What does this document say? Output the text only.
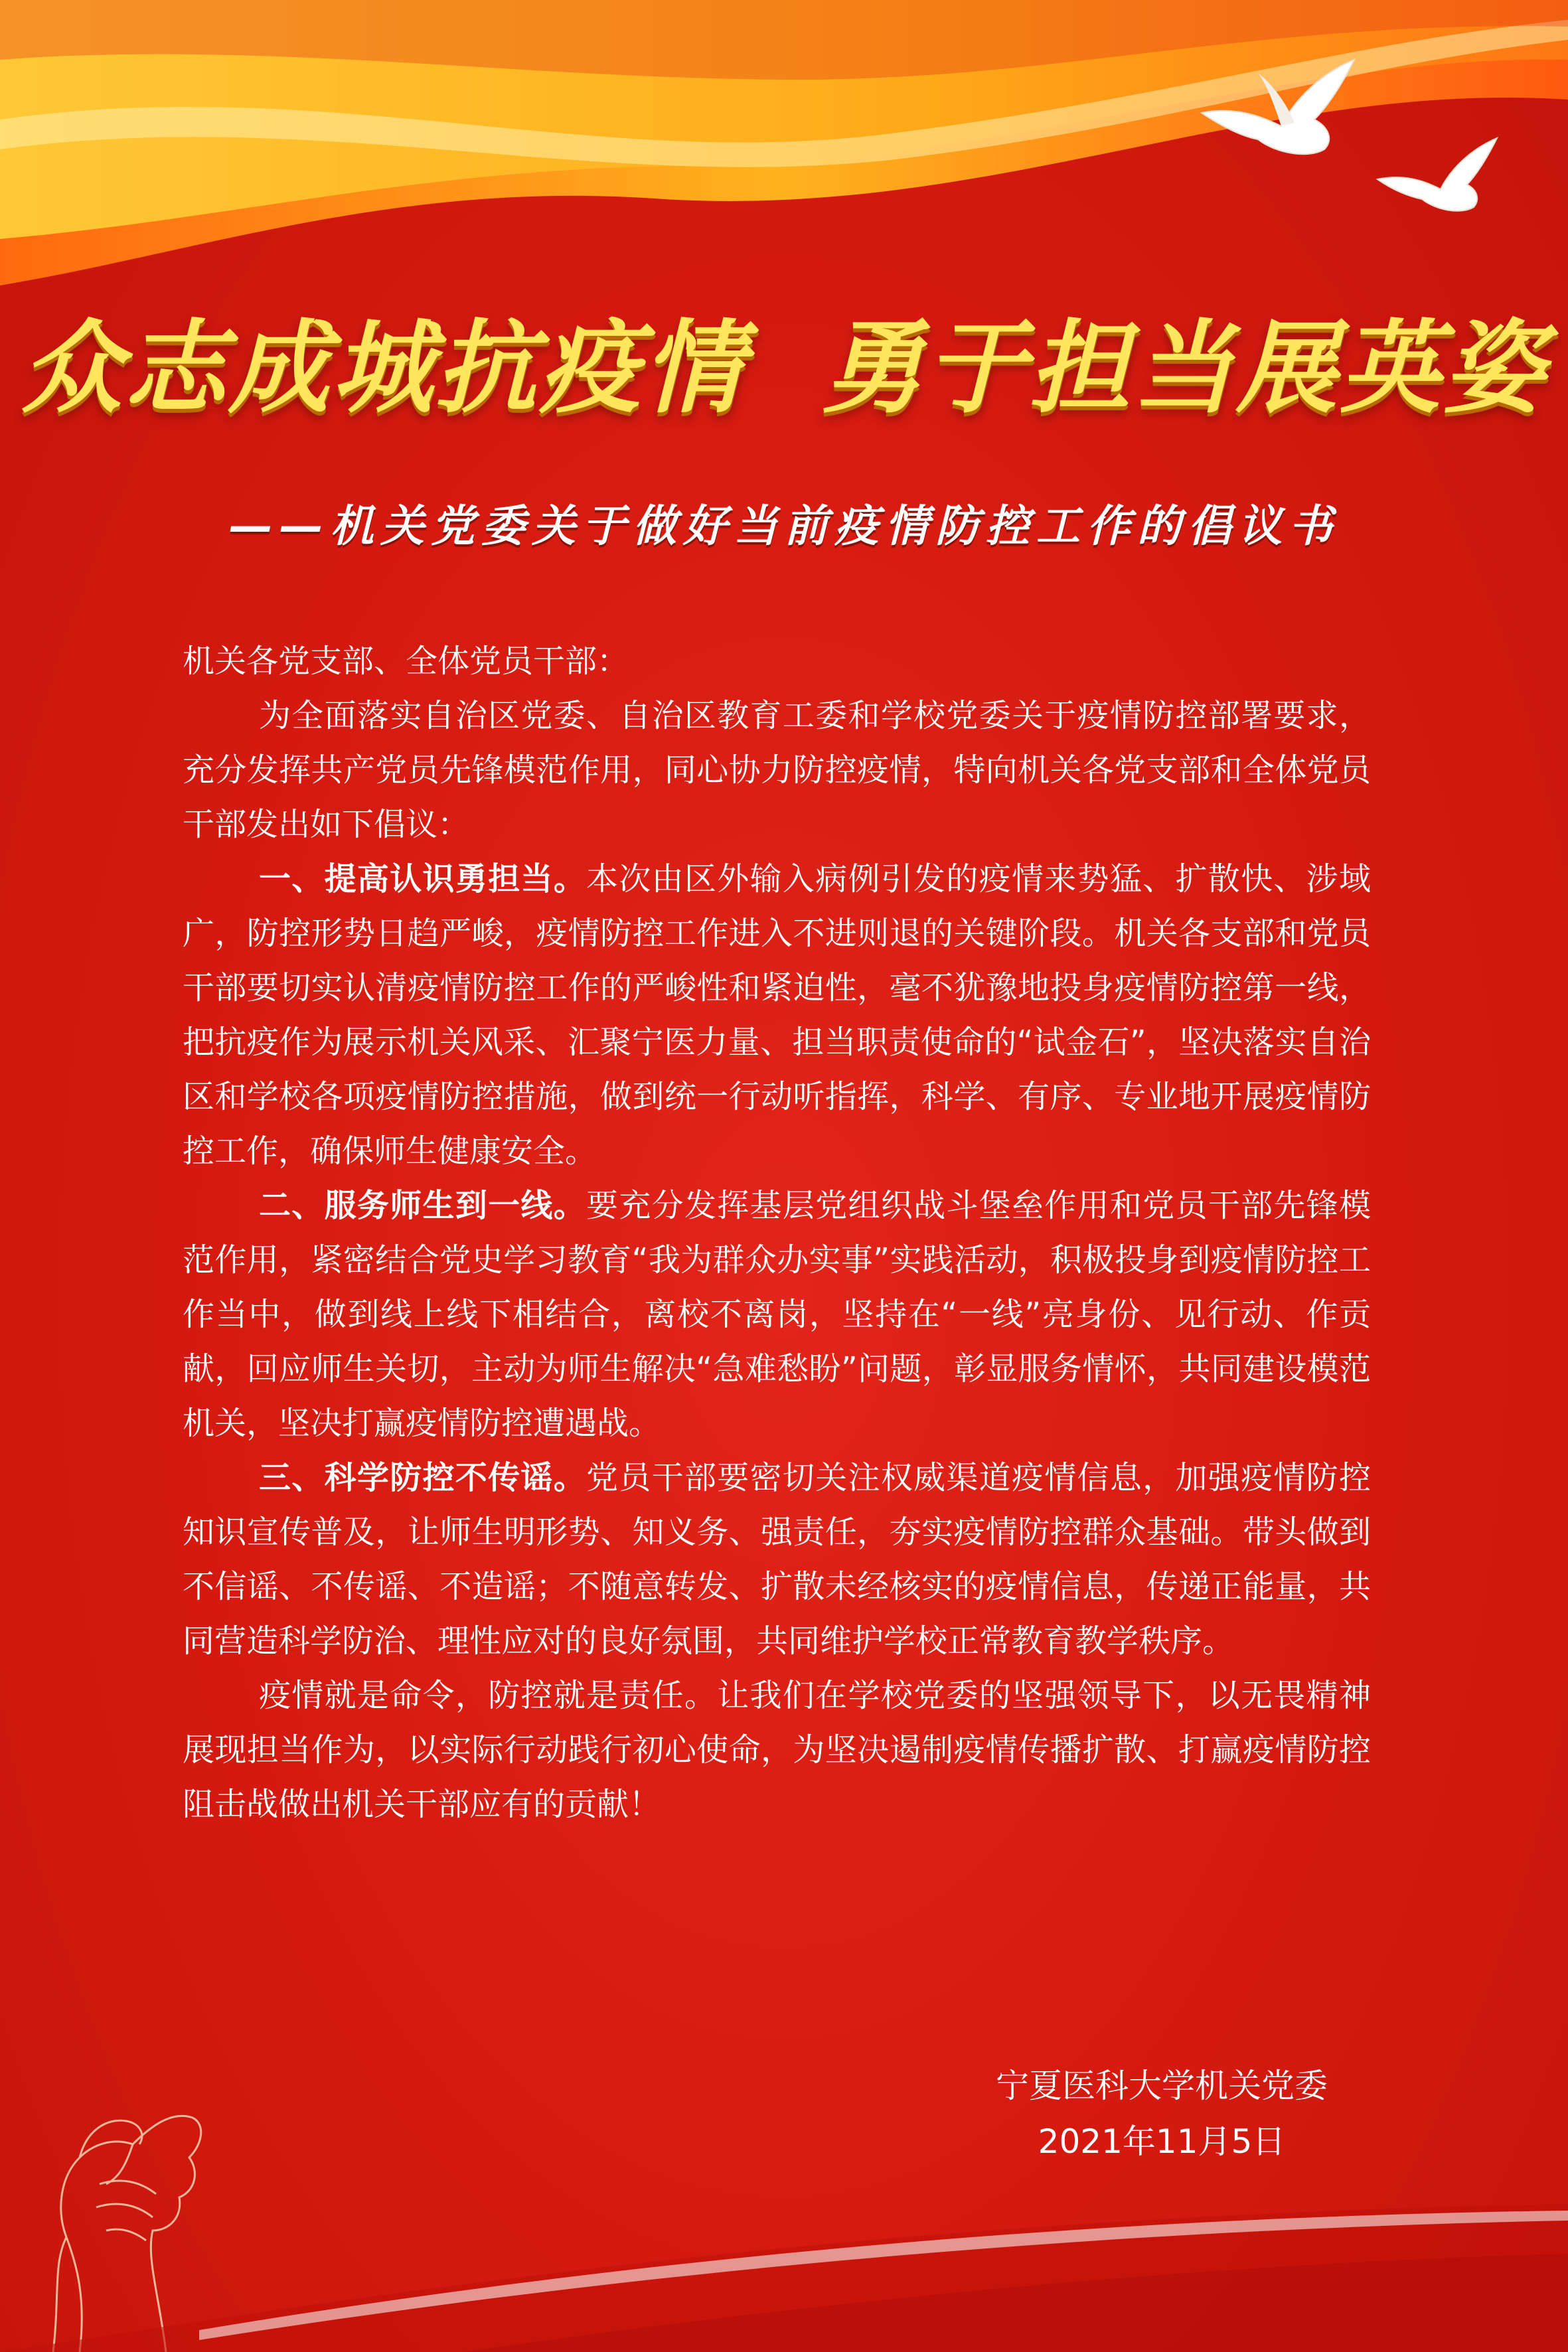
众志成城抗疫情  勇于担当展英姿
——机关党委关于做好当前疫情防控工作的倡议书

机关各党支部、全体党员干部：

为全面落实自治区党委、自治区教育工委和学校党委关于疫情防控部署要求，充分发挥共产党员先锋模范作用，同心协力防控疫情，特向机关各党支部和全体党员干部发出如下倡议：

一、提高认识勇担当。本次由区外输入病例引发的疫情来势猛、扩散快、涉域广，防控形势日趋严峻，疫情防控工作进入不进则退的关键阶段。机关各支部和党员干部要切实认清疫情防控工作的严峻性和紧迫性，毫不犹豫地投身疫情防控第一线，把抗疫作为展示机关风采、汇聚宁医力量、担当职责使命的“试金石”，坚决落实自治区和学校各项疫情防控措施，做到统一行动听指挥，科学、有序、专业地开展疫情防控工作，确保师生健康安全。

二、服务师生到一线。要充分发挥基层党组织战斗堡垒作用和党员干部先锋模范作用，紧密结合党史学习教育“我为群众办实事”实践活动，积极投身到疫情防控工作当中，做到线上线下相结合，离校不离岗，坚持在“一线”亮身份、见行动、作贡献，回应师生关切，主动为师生解决“急难愁盼”问题，彰显服务情怀，共同建设模范机关，坚决打赢疫情防控遭遇战。

三、科学防控不传谣。党员干部要密切关注权威渠道疫情信息，加强疫情防控知识宣传普及，让师生明形势、知义务、强责任，夯实疫情防控群众基础。带头做到不信谣、不传谣、不造谣；不随意转发、扩散未经核实的疫情信息，传递正能量，共同营造科学防治、理性应对的良好氛围，共同维护学校正常教育教学秩序。

疫情就是命令，防控就是责任。让我们在学校党委的坚强领导下，以无畏精神展现担当作为，以实际行动践行初心使命，为坚决遏制疫情传播扩散、打赢疫情防控阻击战做出机关干部应有的贡献！

宁夏医科大学机关党委
2021年11月5日
